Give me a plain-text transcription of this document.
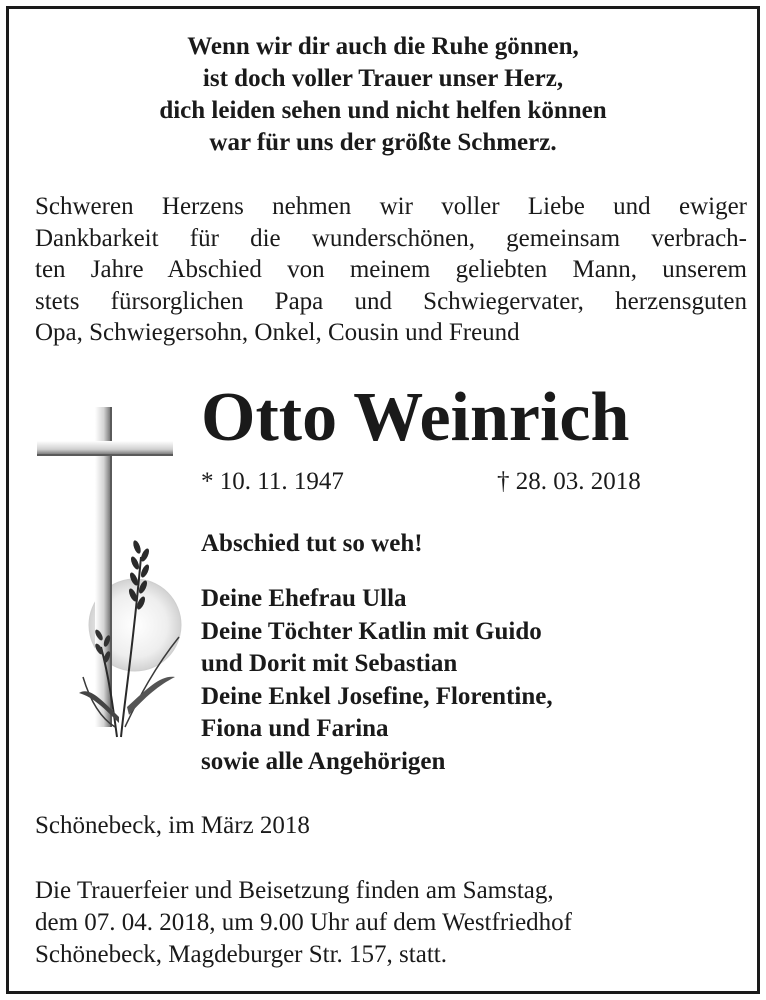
Wenn wir dir auch die Ruhe gönnen,
ist doch voller Trauer unser Herz,
dich leiden sehen und nicht helfen können
war für uns der größte Schmerz.
Schweren Herzens nehmen wir voller Liebe und ewiger
Dankbarkeit für die wunderschönen, gemeinsam verbrach-
ten Jahre Abschied von meinem geliebten Mann, unserem
stets fürsorglichen Papa und Schwiegervater, herzensguten
Opa, Schwiegersohn, Onkel, Cousin und Freund
Otto Weinrich
* 10. 11. 1947	† 28. 03. 2018
Abschied tut so weh!
Deine Ehefrau Ulla
Deine Töchter Katlin mit Guido
und Dorit mit Sebastian
Deine Enkel Josefine, Florentine,
Fiona und Farina
sowie alle Angehörigen
Schönebeck, im März 2018
Die Trauerfeier und Beisetzung finden am Samstag,
dem 07. 04. 2018, um 9.00 Uhr auf dem Westfriedhof
Schönebeck, Magdeburger Str. 157, statt.
